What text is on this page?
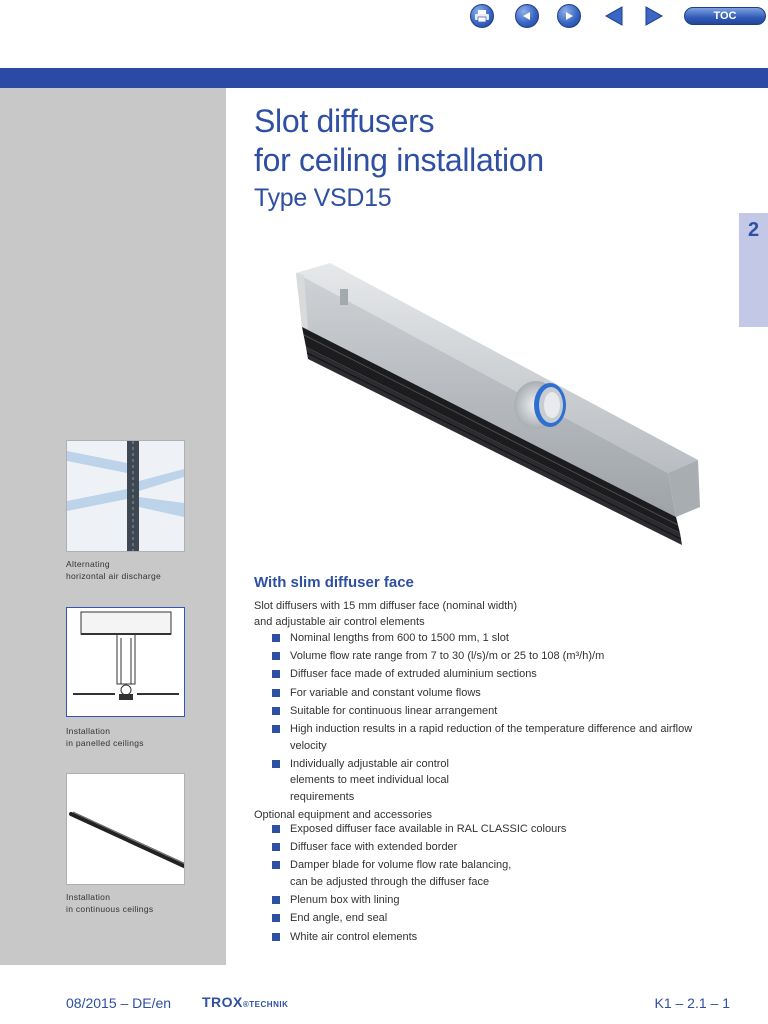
TOC
Slot diffusers
for ceiling installation
Type VSD15
2
Alternating
horizontal air discharge
Installation
in panelled ceilings
Installation
in continuous ceilings
With slim diffuser face
Slot diffusers with 15 mm diffuser face (nominal width)
and adjustable air control elements
Nominal lengths from 600 to 1500 mm, 1 slot
Volume flow rate range from 7 to 30 (l/s)/m or 25 to 108 (m³/h)/m
Diffuser face made of extruded aluminium sections
For variable and constant volume flows
Suitable for continuous linear arrangement
High induction results in a rapid reduction of the temperature difference and airflow velocity
Individually adjustable air control elements to meet individual local requirements
Optional equipment and accessories
Exposed diffuser face available in RAL CLASSIC colours
Diffuser face with extended border
Damper blade for volume flow rate balancing, can be adjusted through the diffuser face
Plenum box with lining
End angle, end seal
White air control elements
08/2015 – DE/en TROX®TECHNIK	K1 – 2.1 – 1
